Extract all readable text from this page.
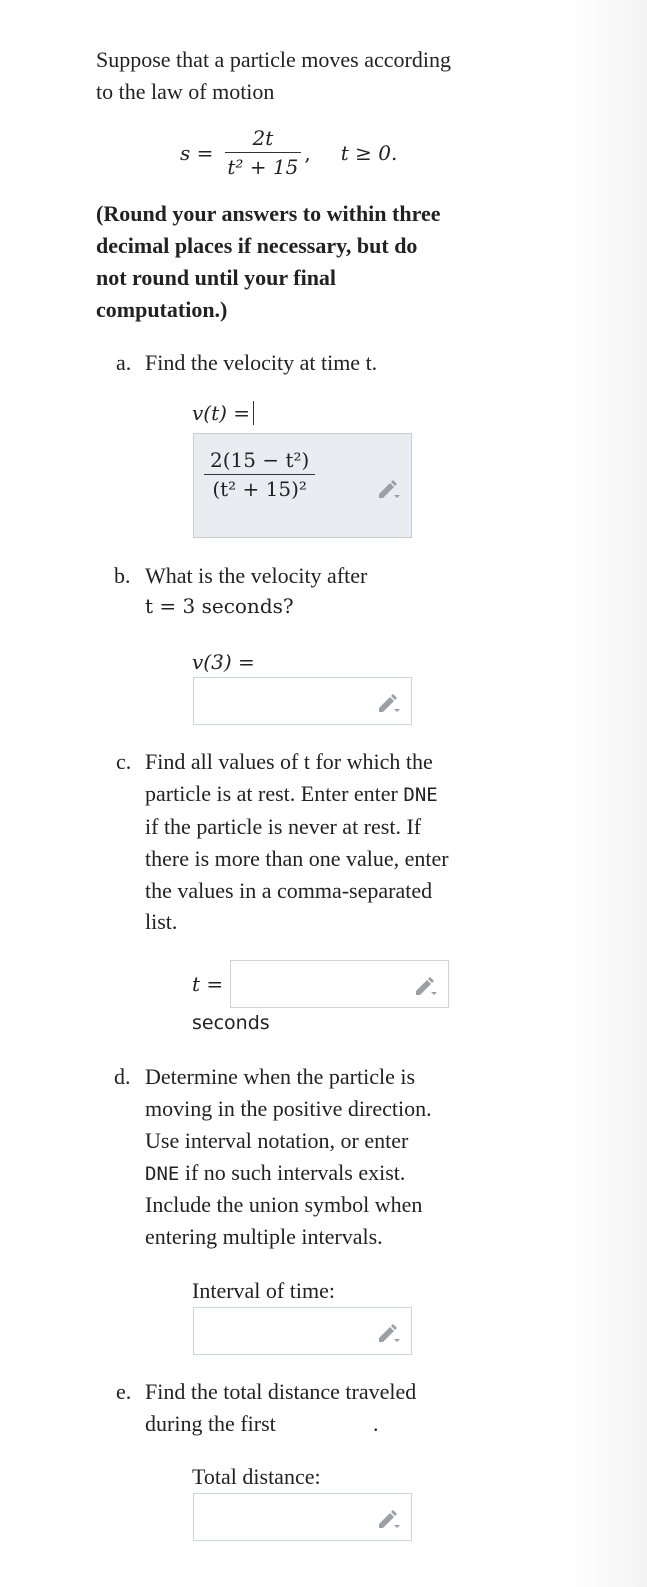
Suppose that a particle moves according
to the law of motion
$s = \frac{2t}{\text{t² + 15}}$ , t ≥ 0.
(Round your answers to within three
decimal places if necessary, but do
not round until your final
computation.)
a. Find the velocity at time t.
v(t) =
$\frac{\text{2(15 − t²)}}{\text{(t² + 15)²}}$
b. What is the velocity after
t = 3 seconds?
v(3) =
c. Find all values of t for which the
particle is at rest. Enter enter DNE
if the particle is never at rest. If
there is more than one value, enter
the values in a comma-separated
list.
t =
seconds
d. Determine when the particle is
moving in the positive direction.
Use interval notation, or enter
DNE if no such intervals exist.
Include the union symbol when
entering multiple intervals.
Interval of time:
e. Find the total distance traveled
during the first	.
Total distance:
